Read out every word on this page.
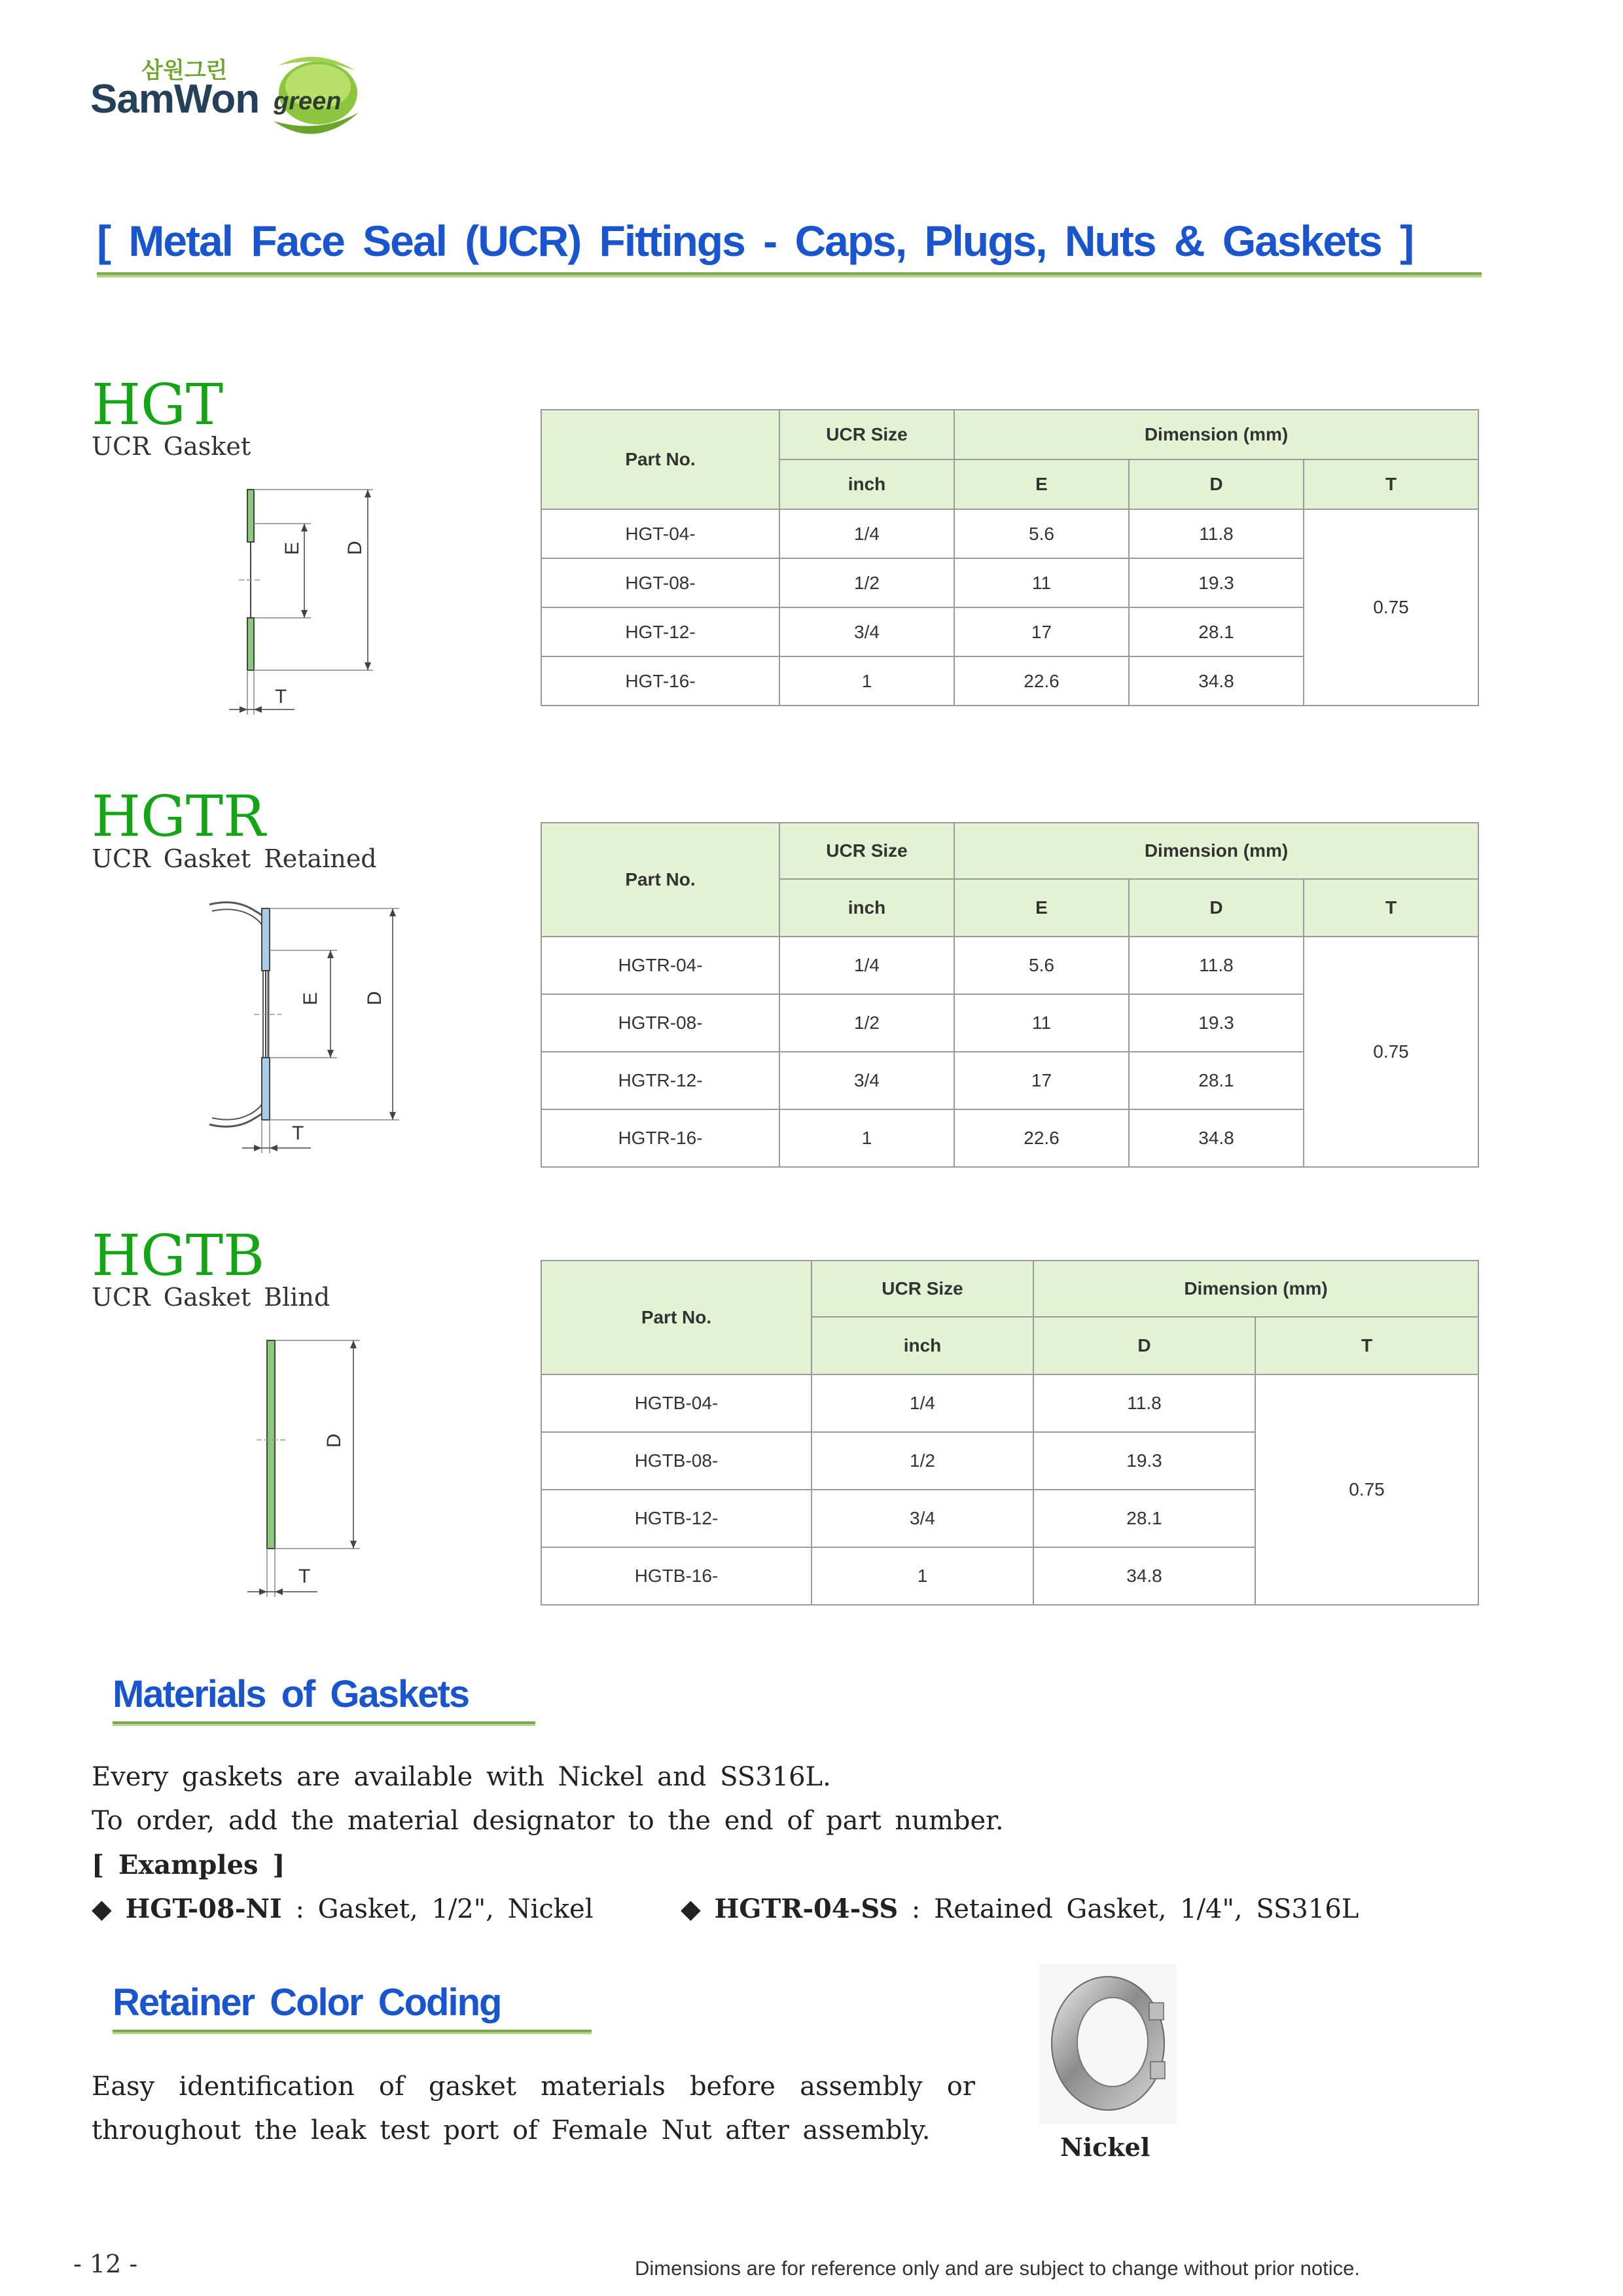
삼원그린
SamWon green
[ Metal Face Seal (UCR) Fittings - Caps, Plugs, Nuts & Gaskets ]
HGT
UCR Gasket
E D
T
Part No.	UCR Size	Dimension (mm)		
	inch	E	D	T
HGT-04-	1/4	5.6	11.8	0.75
HGT-08-	1/2	11	19.3	
HGT-12-	3/4	17	28.1	
HGT-16-	1	22.6	34.8	
HGTR
UCR Gasket Retained
E D
T
Part No.	UCR Size	Dimension (mm)		
	inch	E	D	T
HGTR-04-	1/4	5.6	11.8	0.75
HGTR-08-	1/2	11	19.3	
HGTR-12-	3/4	17	28.1	
HGTR-16-	1	22.6	34.8	
HGTB
UCR Gasket Blind
D
T
Part No.	UCR Size	Dimension (mm)	
	inch	D	T
HGTB-04-	1/4	11.8	0.75
HGTB-08-	1/2	19.3	
HGTB-12-	3/4	28.1	
HGTB-16-	1	34.8	
Materials of Gaskets
Every gaskets are available with Nickel and SS316L.
To order, add the material designator to the end of part number.
[ Examples ]
◆ HGT-08-NI : Gasket, 1/2", Nickel	◆ HGTR-04-SS : Retained Gasket, 1/4", SS316L
Retainer Color Coding
Easy identification of gasket materials before assembly or
throughout the leak test port of Female Nut after assembly.
Nickel
- 12 -	Dimensions are for reference only and are subject to change without prior notice.
